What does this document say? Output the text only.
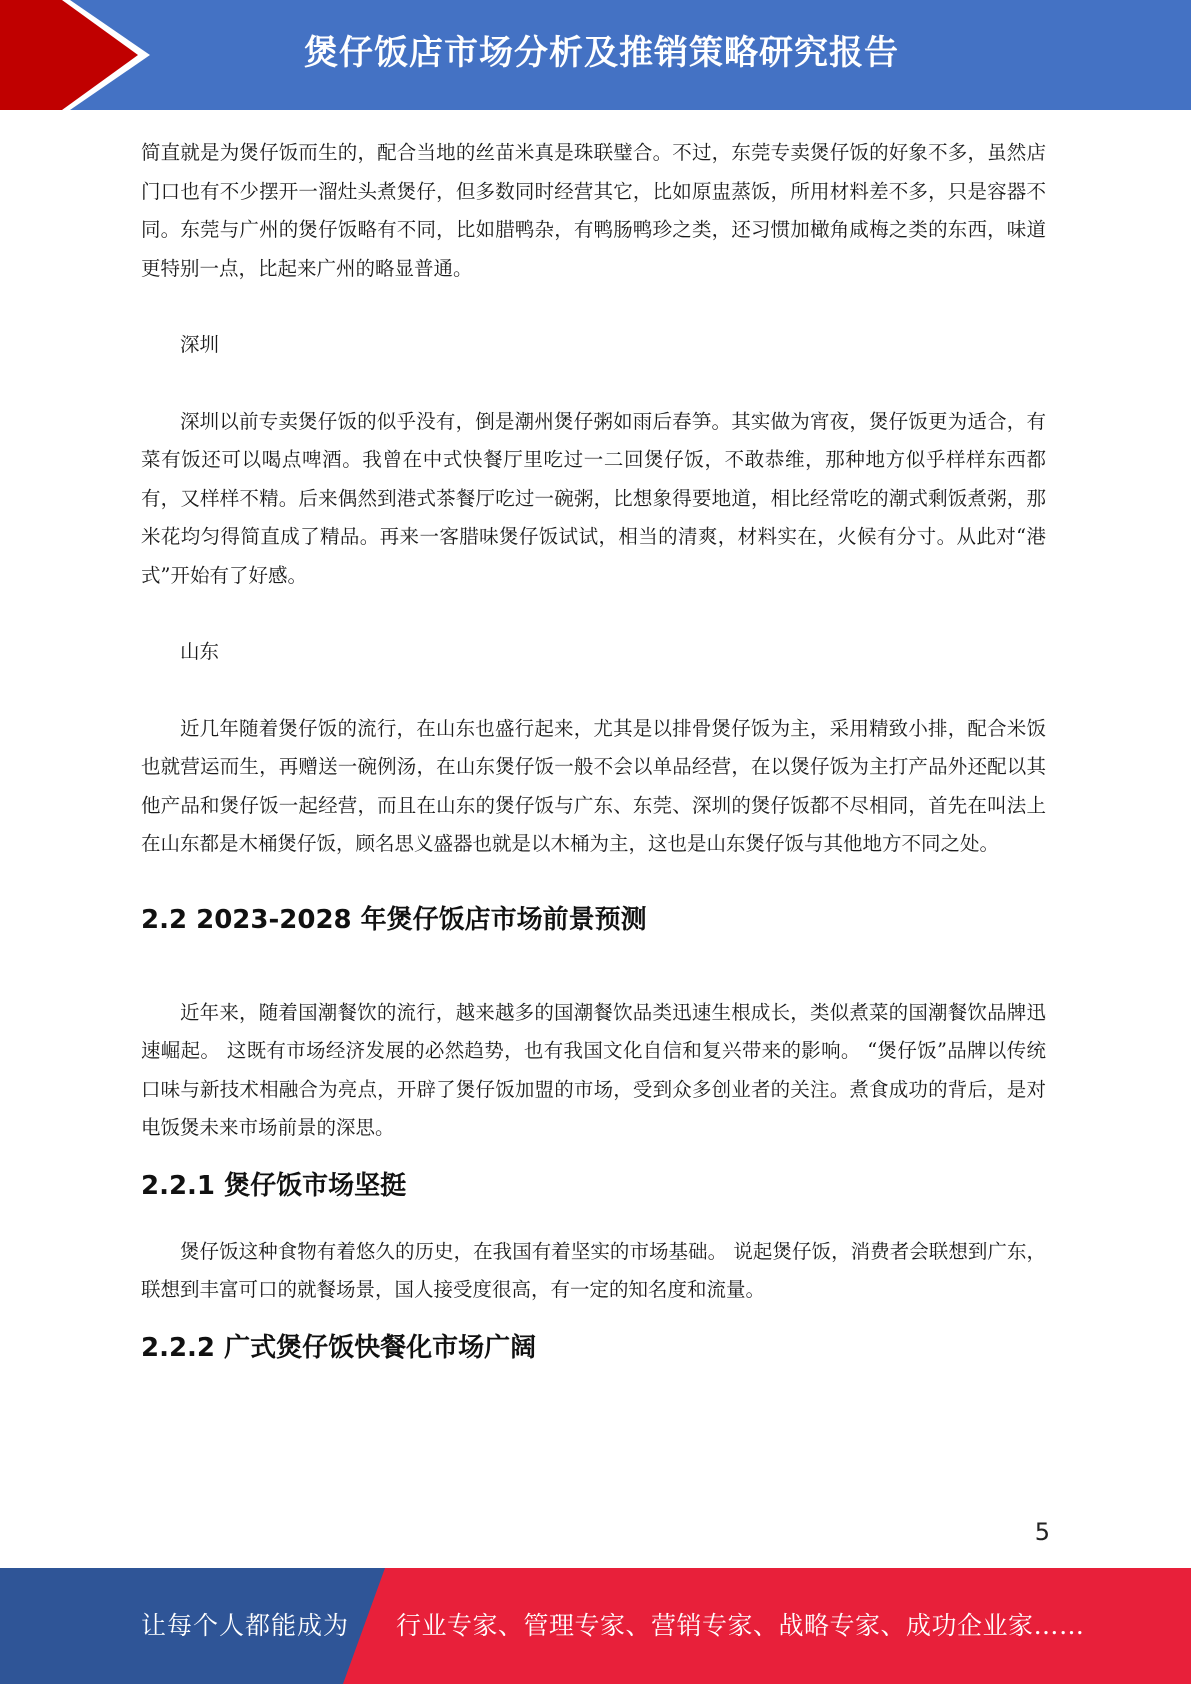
煲仔饭店市场分析及推销策略研究报告

简直就是为煲仔饭而生的，配合当地的丝苗米真是珠联璧合。不过，东莞专卖煲仔饭的好象不多，虽然店门口也有不少摆开一溜灶头煮煲仔，但多数同时经营其它，比如原盅蒸饭，所用材料差不多，只是容器不同。东莞与广州的煲仔饭略有不同，比如腊鸭杂，有鸭肠鸭珍之类，还习惯加橄角咸梅之类的东西，味道更特别一点，比起来广州的略显普通。

深圳

深圳以前专卖煲仔饭的似乎没有，倒是潮州煲仔粥如雨后春笋。其实做为宵夜，煲仔饭更为适合，有菜有饭还可以喝点啤酒。我曾在中式快餐厅里吃过一二回煲仔饭，不敢恭维，那种地方似乎样样东西都有，又样样不精。后来偶然到港式茶餐厅吃过一碗粥，比想象得要地道，相比经常吃的潮式剩饭煮粥，那米花均匀得简直成了精品。再来一客腊味煲仔饭试试，相当的清爽，材料实在，火候有分寸。从此对“港式”开始有了好感。

山东

近几年随着煲仔饭的流行，在山东也盛行起来，尤其是以排骨煲仔饭为主，采用精致小排，配合米饭也就营运而生，再赠送一碗例汤，在山东煲仔饭一般不会以单品经营，在以煲仔饭为主打产品外还配以其他产品和煲仔饭一起经营，而且在山东的煲仔饭与广东、东莞、深圳的煲仔饭都不尽相同，首先在叫法上在山东都是木桶煲仔饭，顾名思义盛器也就是以木桶为主，这也是山东煲仔饭与其他地方不同之处。

2.2 2023-2028 年煲仔饭店市场前景预测

近年来，随着国潮餐饮的流行，越来越多的国潮餐饮品类迅速生根成长，类似煮菜的国潮餐饮品牌迅速崛起。 这既有市场经济发展的必然趋势，也有我国文化自信和复兴带来的影响。 “煲仔饭”品牌以传统口味与新技术相融合为亮点，开辟了煲仔饭加盟的市场，受到众多创业者的关注。煮食成功的背后，是对电饭煲未来市场前景的深思。

2.2.1 煲仔饭市场坚挺

煲仔饭这种食物有着悠久的历史，在我国有着坚实的市场基础。 说起煲仔饭，消费者会联想到广东，联想到丰富可口的就餐场景，国人接受度很高，有一定的知名度和流量。

2.2.2 广式煲仔饭快餐化市场广阔
5
让每个人都能成为 行业专家、管理专家、营销专家、战略专家、成功企业家……
